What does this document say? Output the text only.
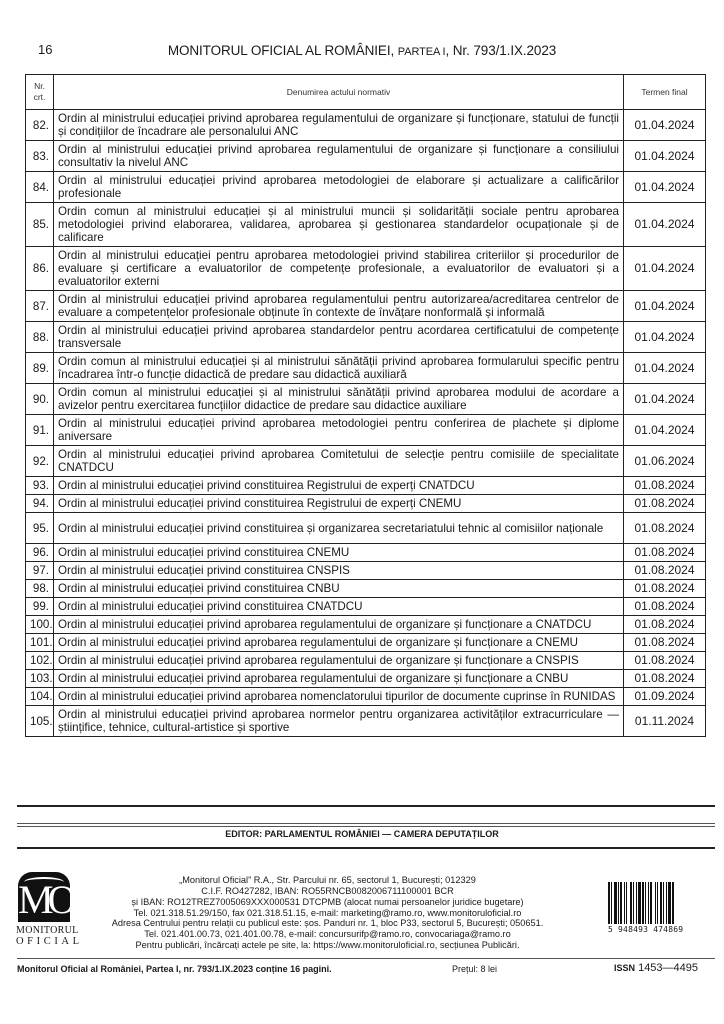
16	MONITORUL OFICIAL AL ROMÂNIEI, PARTEA I, Nr. 793/1.IX.2023
Nr.
crt.	Denumirea actului normativ	Termen final
82.	Ordin al ministrului educației privind aprobarea regulamentului de organizare și funcționare, statului de funcții și condițiilor de încadrare ale personalului ANC	01.04.2024
83.	Ordin al ministrului educației privind aprobarea regulamentului de organizare și funcționare a consiliului consultativ la nivelul ANC	01.04.2024
84.	Ordin al ministrului educației privind aprobarea metodologiei de elaborare și actualizare a calificărilor profesionale	01.04.2024
85.	Ordin comun al ministrului educației și al ministrului muncii și solidarității sociale pentru aprobarea metodologiei privind elaborarea, validarea, aprobarea și gestionarea standardelor ocupaționale și de calificare	01.04.2024
86.	Ordin al ministrului educației pentru aprobarea metodologiei privind stabilirea criteriilor și procedurilor de evaluare și certificare a evaluatorilor de competențe profesionale, a evaluatorilor de evaluatori și a evaluatorilor externi	01.04.2024
87.	Ordin al ministrului educației privind aprobarea regulamentului pentru autorizarea/acreditarea centrelor de evaluare a competențelor profesionale obținute în contexte de învățare nonformală și informală	01.04.2024
88.	Ordin al ministrului educației privind aprobarea standardelor pentru acordarea certificatului de competențe transversale	01.04.2024
89.	Ordin comun al ministrului educației și al ministrului sănătății privind aprobarea formularului specific pentru încadrarea într-o funcție didactică de predare sau didactică auxiliară	01.04.2024
90.	Ordin comun al ministrului educației și al ministrului sănătății privind aprobarea modului de acordare a avizelor pentru exercitarea funcțiilor didactice de predare sau didactice auxiliare	01.04.2024
91.	Ordin al ministrului educației privind aprobarea metodologiei pentru conferirea de plachete și diplome aniversare	01.04.2024
92.	Ordin al ministrului educației privind aprobarea Comitetului de selecție pentru comisiile de specialitate CNATDCU	01.06.2024
93.	Ordin al ministrului educației privind constituirea Registrului de experți CNATDCU	01.08.2024
94.	Ordin al ministrului educației privind constituirea Registrului de experți CNEMU	01.08.2024
95.	Ordin al ministrului educației privind constituirea și organizarea secretariatului tehnic al comisiilor naționale	01.08.2024
96.	Ordin al ministrului educației privind constituirea CNEMU	01.08.2024
97.	Ordin al ministrului educației privind constituirea CNSPIS	01.08.2024
98.	Ordin al ministrului educației privind constituirea CNBU	01.08.2024
99.	Ordin al ministrului educației privind constituirea CNATDCU	01.08.2024
100.	Ordin al ministrului educației privind aprobarea regulamentului de organizare și funcționare a CNATDCU	01.08.2024
101.	Ordin al ministrului educației privind aprobarea regulamentului de organizare și funcționare a CNEMU	01.08.2024
102.	Ordin al ministrului educației privind aprobarea regulamentului de organizare și funcționare a CNSPIS	01.08.2024
103.	Ordin al ministrului educației privind aprobarea regulamentului de organizare și funcționare a CNBU	01.08.2024
104.	Ordin al ministrului educației privind aprobarea nomenclatorului tipurilor de documente cuprinse în RUNIDAS	01.09.2024
105.	Ordin al ministrului educației privind aprobarea normelor pentru organizarea activităților extracurriculare — științifice, tehnice, cultural-artistice și sportive	01.11.2024
EDITOR: PARLAMENTUL ROMÂNIEI — CAMERA DEPUTAȚILOR
MO
MONITORUL
OFICIAL
„Monitorul Oficial” R.A., Str. Parcului nr. 65, sectorul 1, București; 012329
C.I.F. RO427282, IBAN: RO55RNCB0082006711100001 BCR
și IBAN: RO12TREZ7005069XXX000531 DTCPMB (alocat numai persoanelor juridice bugetare)
Tel. 021.318.51.29/150, fax 021.318.51.15, e-mail: marketing@ramo.ro, www.monitoruloficial.ro
Adresa Centrului pentru relații cu publicul este: șos. Panduri nr. 1, bloc P33, sectorul 5, București; 050651.
Tel. 021.401.00.73, 021.401.00.78, e-mail: concursurifp@ramo.ro, convocariaga@ramo.ro
Pentru publicări, încărcați actele pe site, la: https://www.monitoruloficial.ro, secțiunea Publicări.
5 948493 474869
Monitorul Oficial al României, Partea I, nr. 793/1.IX.2023 conține 16 pagini.	Prețul: 8 lei	ISSN 1453—4495
